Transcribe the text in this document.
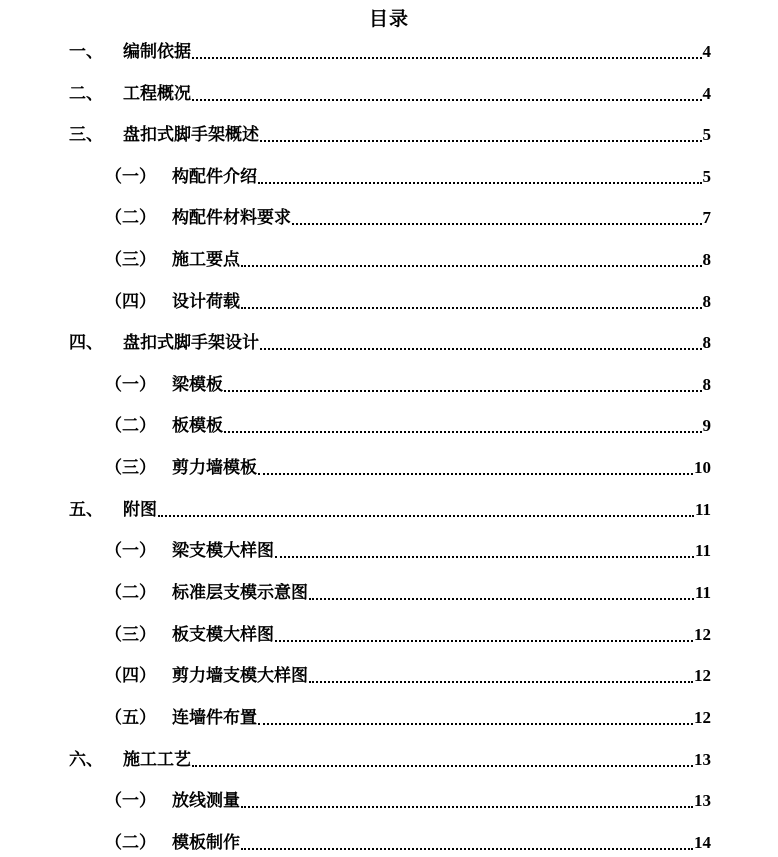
目录
一、	编制依据	4
二、	工程概况	4
三、	盘扣式脚手架概述	5
（一） 构配件介绍	5
（二） 构配件材料要求	7
（三） 施工要点	8
（四） 设计荷载	8
四、	盘扣式脚手架设计	8
（一） 梁模板	8
（二） 板模板	9
（三） 剪力墙模板	10
五、	附图	11
（一） 梁支模大样图	11
（二） 标准层支模示意图	11
（三） 板支模大样图	12
（四） 剪力墙支模大样图	12
（五） 连墙件布置	12
六、	施工工艺	13
（一） 放线测量	13
（二） 模板制作	14
